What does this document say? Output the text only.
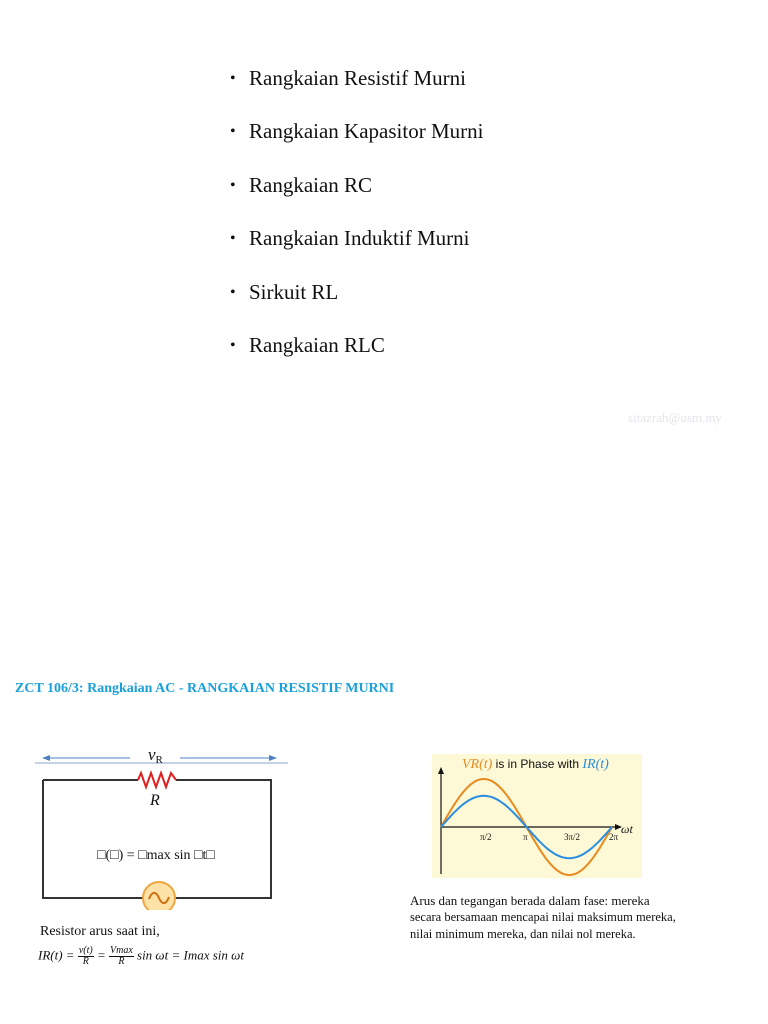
• Rangkaian Resistif Murni
• Rangkaian Kapasitor Murni
• Rangkaian RC
• Rangkaian Induktif Murni
• Sirkuit RL
• Rangkaian RLC
sitazrah@usm.my
ZCT 106/3: Rangkaian AC - RANGKAIAN RESISTIF MURNI
vR
R
□(□) = □max sin □t□
Resistor arus saat ini,
$IR(t) = \frac{v(t)}{R} = \frac{Vmax}{R}$ sin ωt = Imax sin ωt
ωt
π/2	π	3π/2	2π
VR(t) is in Phase with IR(t)
Arus dan tegangan berada dalam fase: mereka
secara bersamaan mencapai nilai maksimum mereka,
nilai minimum mereka, dan nilai nol mereka.
